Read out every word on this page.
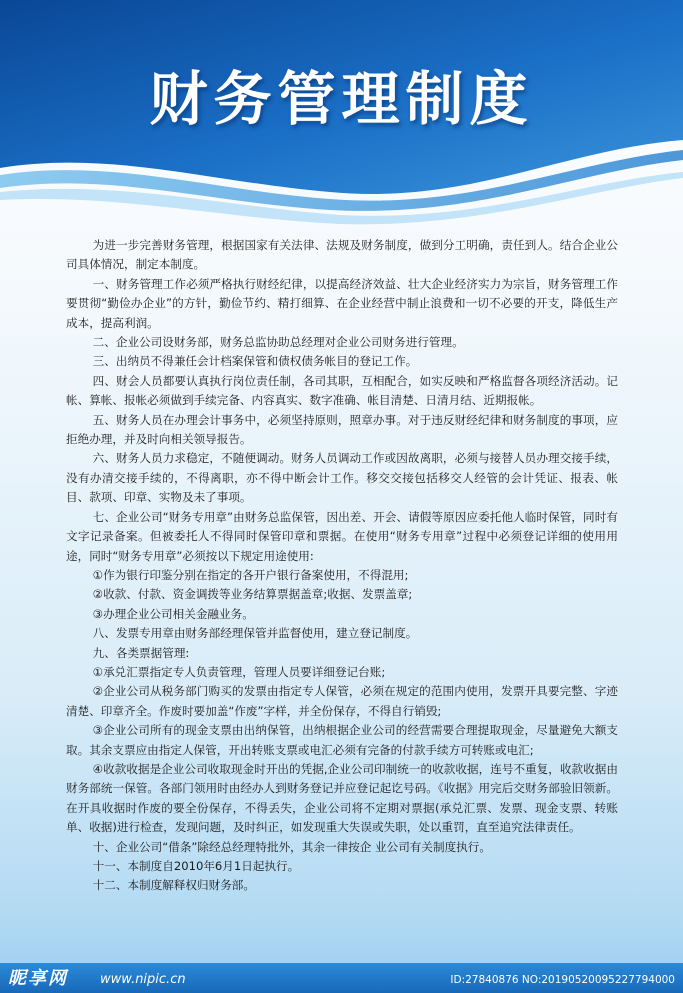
财务管理制度

为进一步完善财务管理，根据国家有关法律、法规及财务制度，做到分工明确，责任到人。结合企业公司具体情况，制定本制度。

一、财务管理工作必须严格执行财经纪律，以提高经济效益、壮大企业经济实力为宗旨，财务管理工作要贯彻“勤俭办企业”的方针，勤俭节约、精打细算、在企业经营中制止浪费和一切不必要的开支，降低生产成本，提高利润。

二、企业公司设财务部，财务总监协助总经理对企业公司财务进行管理。

三、出纳员不得兼任会计档案保管和债权债务帐目的登记工作。

四、财会人员都要认真执行岗位责任制，各司其职，互相配合，如实反映和严格监督各项经济活动。记帐、算帐、报帐必须做到手续完备、内容真实、数字准确、帐目清楚、日清月结、近期报帐。

五、财务人员在办理会计事务中，必须坚持原则，照章办事。对于违反财经纪律和财务制度的事项，应拒绝办理，并及时向相关领导报告。

六、财务人员力求稳定，不随便调动。财务人员调动工作或因故离职，必须与接替人员办理交接手续，没有办清交接手续的，不得离职，亦不得中断会计工作。移交交接包括移交人经管的会计凭证、报表、帐目、款项、印章、实物及未了事项。

七、企业公司“财务专用章”由财务总监保管，因出差、开会、请假等原因应委托他人临时保管，同时有文字记录备案。但被委托人不得同时保管印章和票据。在使用“财务专用章”过程中必须登记详细的使用用途，同时“财务专用章”必须按以下规定用途使用:

①作为银行印鉴分别在指定的各开户银行备案使用，不得混用;

②收款、付款、资金调拨等业务结算票据盖章;收据、发票盖章;

③办理企业公司相关金融业务。

八、发票专用章由财务部经理保管并监督使用，建立登记制度。

九、各类票据管理:

①承兑汇票指定专人负责管理，管理人员要详细登记台账;

②企业公司从税务部门购买的发票由指定专人保管，必须在规定的范围内使用，发票开具要完整、字迹清楚、印章齐全。作废时要加盖“作废”字样，并全份保存，不得自行销毁;

③企业公司所有的现金支票由出纳保管，出纳根据企业公司的经营需要合理提取现金，尽量避免大额支取。其余支票应由指定人保管，开出转账支票或电汇必须有完备的付款手续方可转账或电汇;

④收款收据是企业公司收取现金时开出的凭据,企业公司印制统一的收款收据，连号不重复，收款收据由财务部统一保管。各部门领用时由经办人到财务登记并应登记起讫号码。《收据》用完后交财务部验旧领新。在开具收据时作废的要全份保存，不得丢失，企业公司将不定期对票据(承兑汇票、发票、现金支票、转账单、收据)进行检查，发现问题，及时纠正，如发现重大失误或失职，处以重罚，直至追究法律责任。

十、企业公司“借条”除经总经理特批外，其余一律按企 业公司有关制度执行。

十一、本制度自2010年6月1日起执行。

十二、本制度解释权归财务部。

昵享网 www.nipic.cn	ID:27840876 NO:20190520095227794000
